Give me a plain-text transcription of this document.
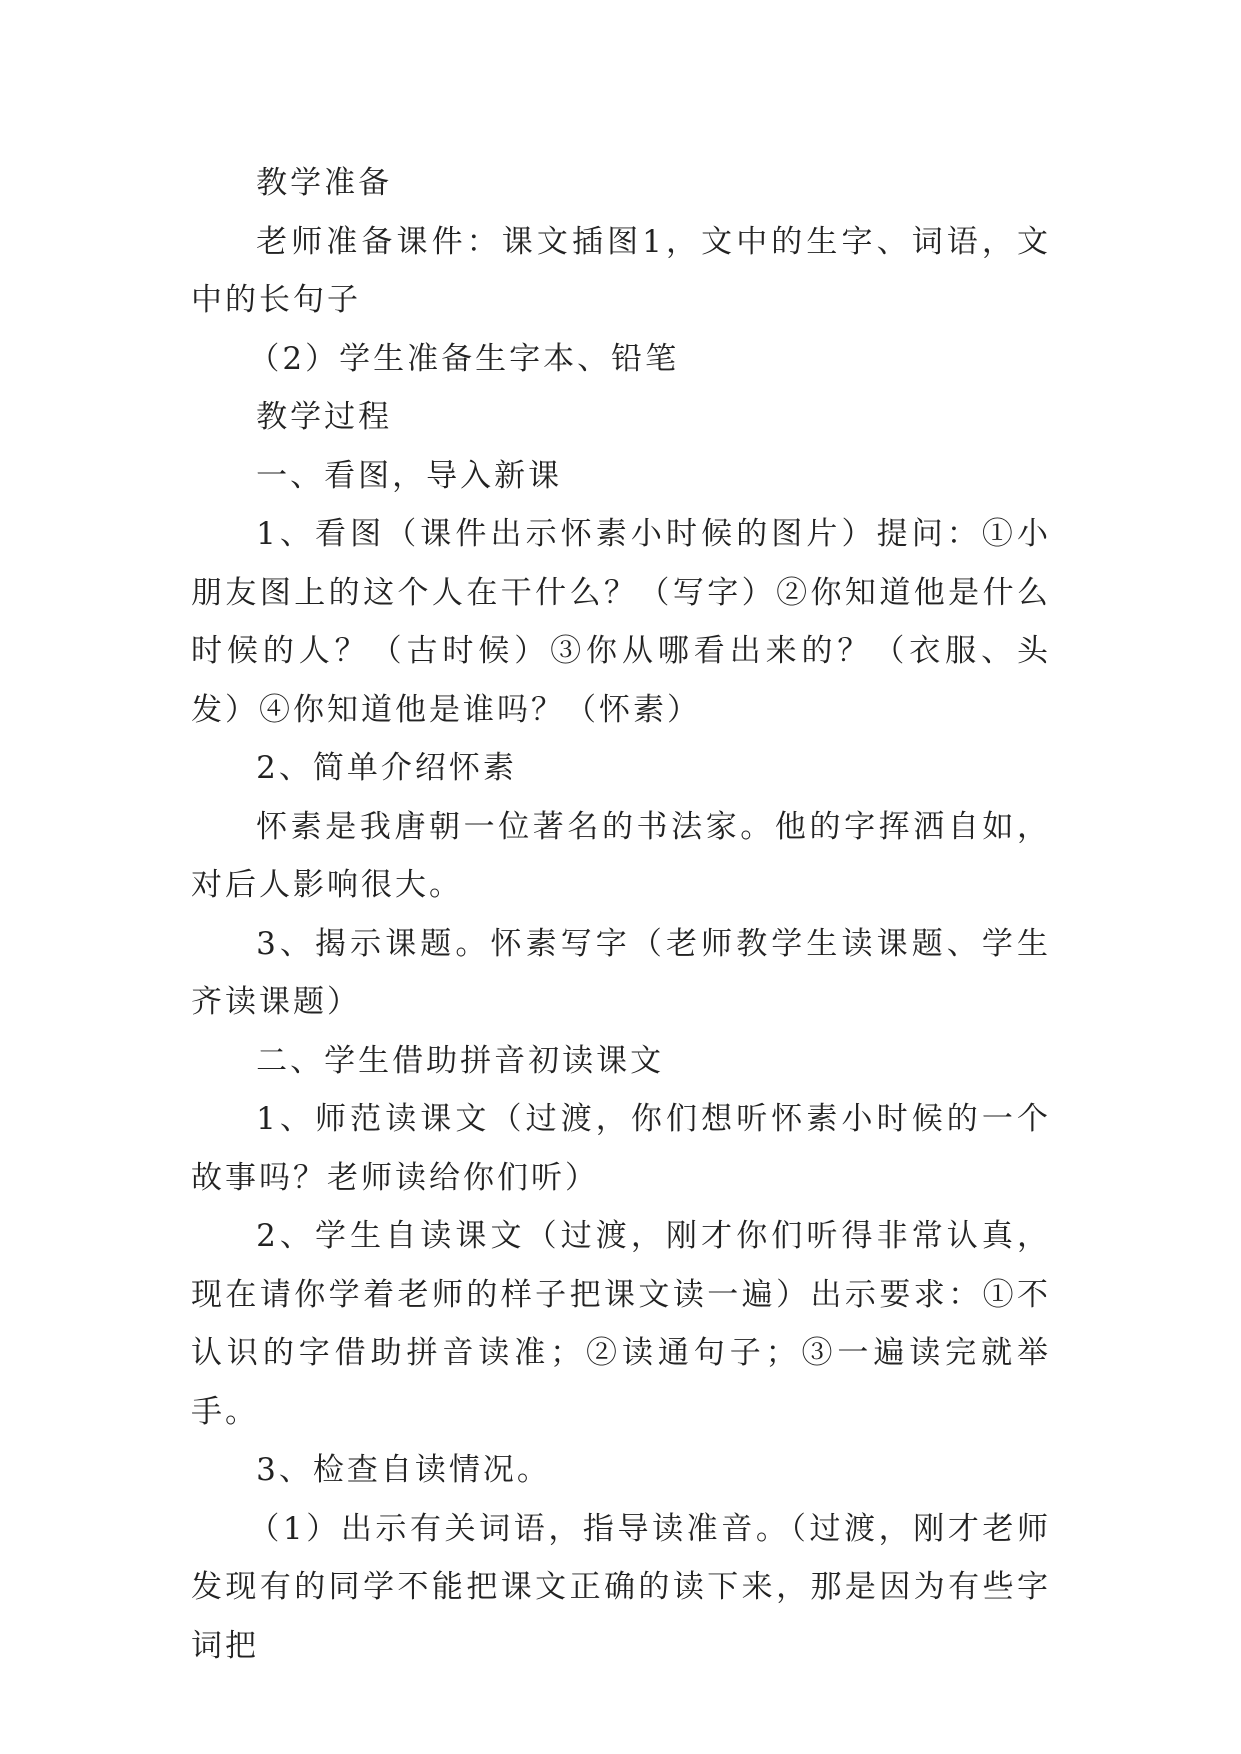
教学准备

老师准备课件：课文插图1，文中的生字、词语，文中的长句子

（2）学生准备生字本、铅笔

教学过程

一、看图，导入新课

1、看图（课件出示怀素小时候的图片）提问：①小朋友图上的这个人在干什么？（写字）②你知道他是什么时候的人？（古时候）③你从哪看出来的？（衣服、头发）④你知道他是谁吗？（怀素）

2、简单介绍怀素

怀素是我唐朝一位著名的书法家。他的字挥洒自如，对后人影响很大。

3、揭示课题。怀素写字（老师教学生读课题、学生齐读课题）

二、学生借助拼音初读课文

1、师范读课文（过渡，你们想听怀素小时候的一个故事吗？老师读给你们听）

2、学生自读课文（过渡，刚才你们听得非常认真，现在请你学着老师的样子把课文读一遍）出示要求：①不认识的字借助拼音读准；②读通句子；③一遍读完就举手。

3、检查自读情况。

（1）出示有关词语，指导读准音。（过渡，刚才老师发现有的同学不能把课文正确的读下来，那是因为有些字词把
